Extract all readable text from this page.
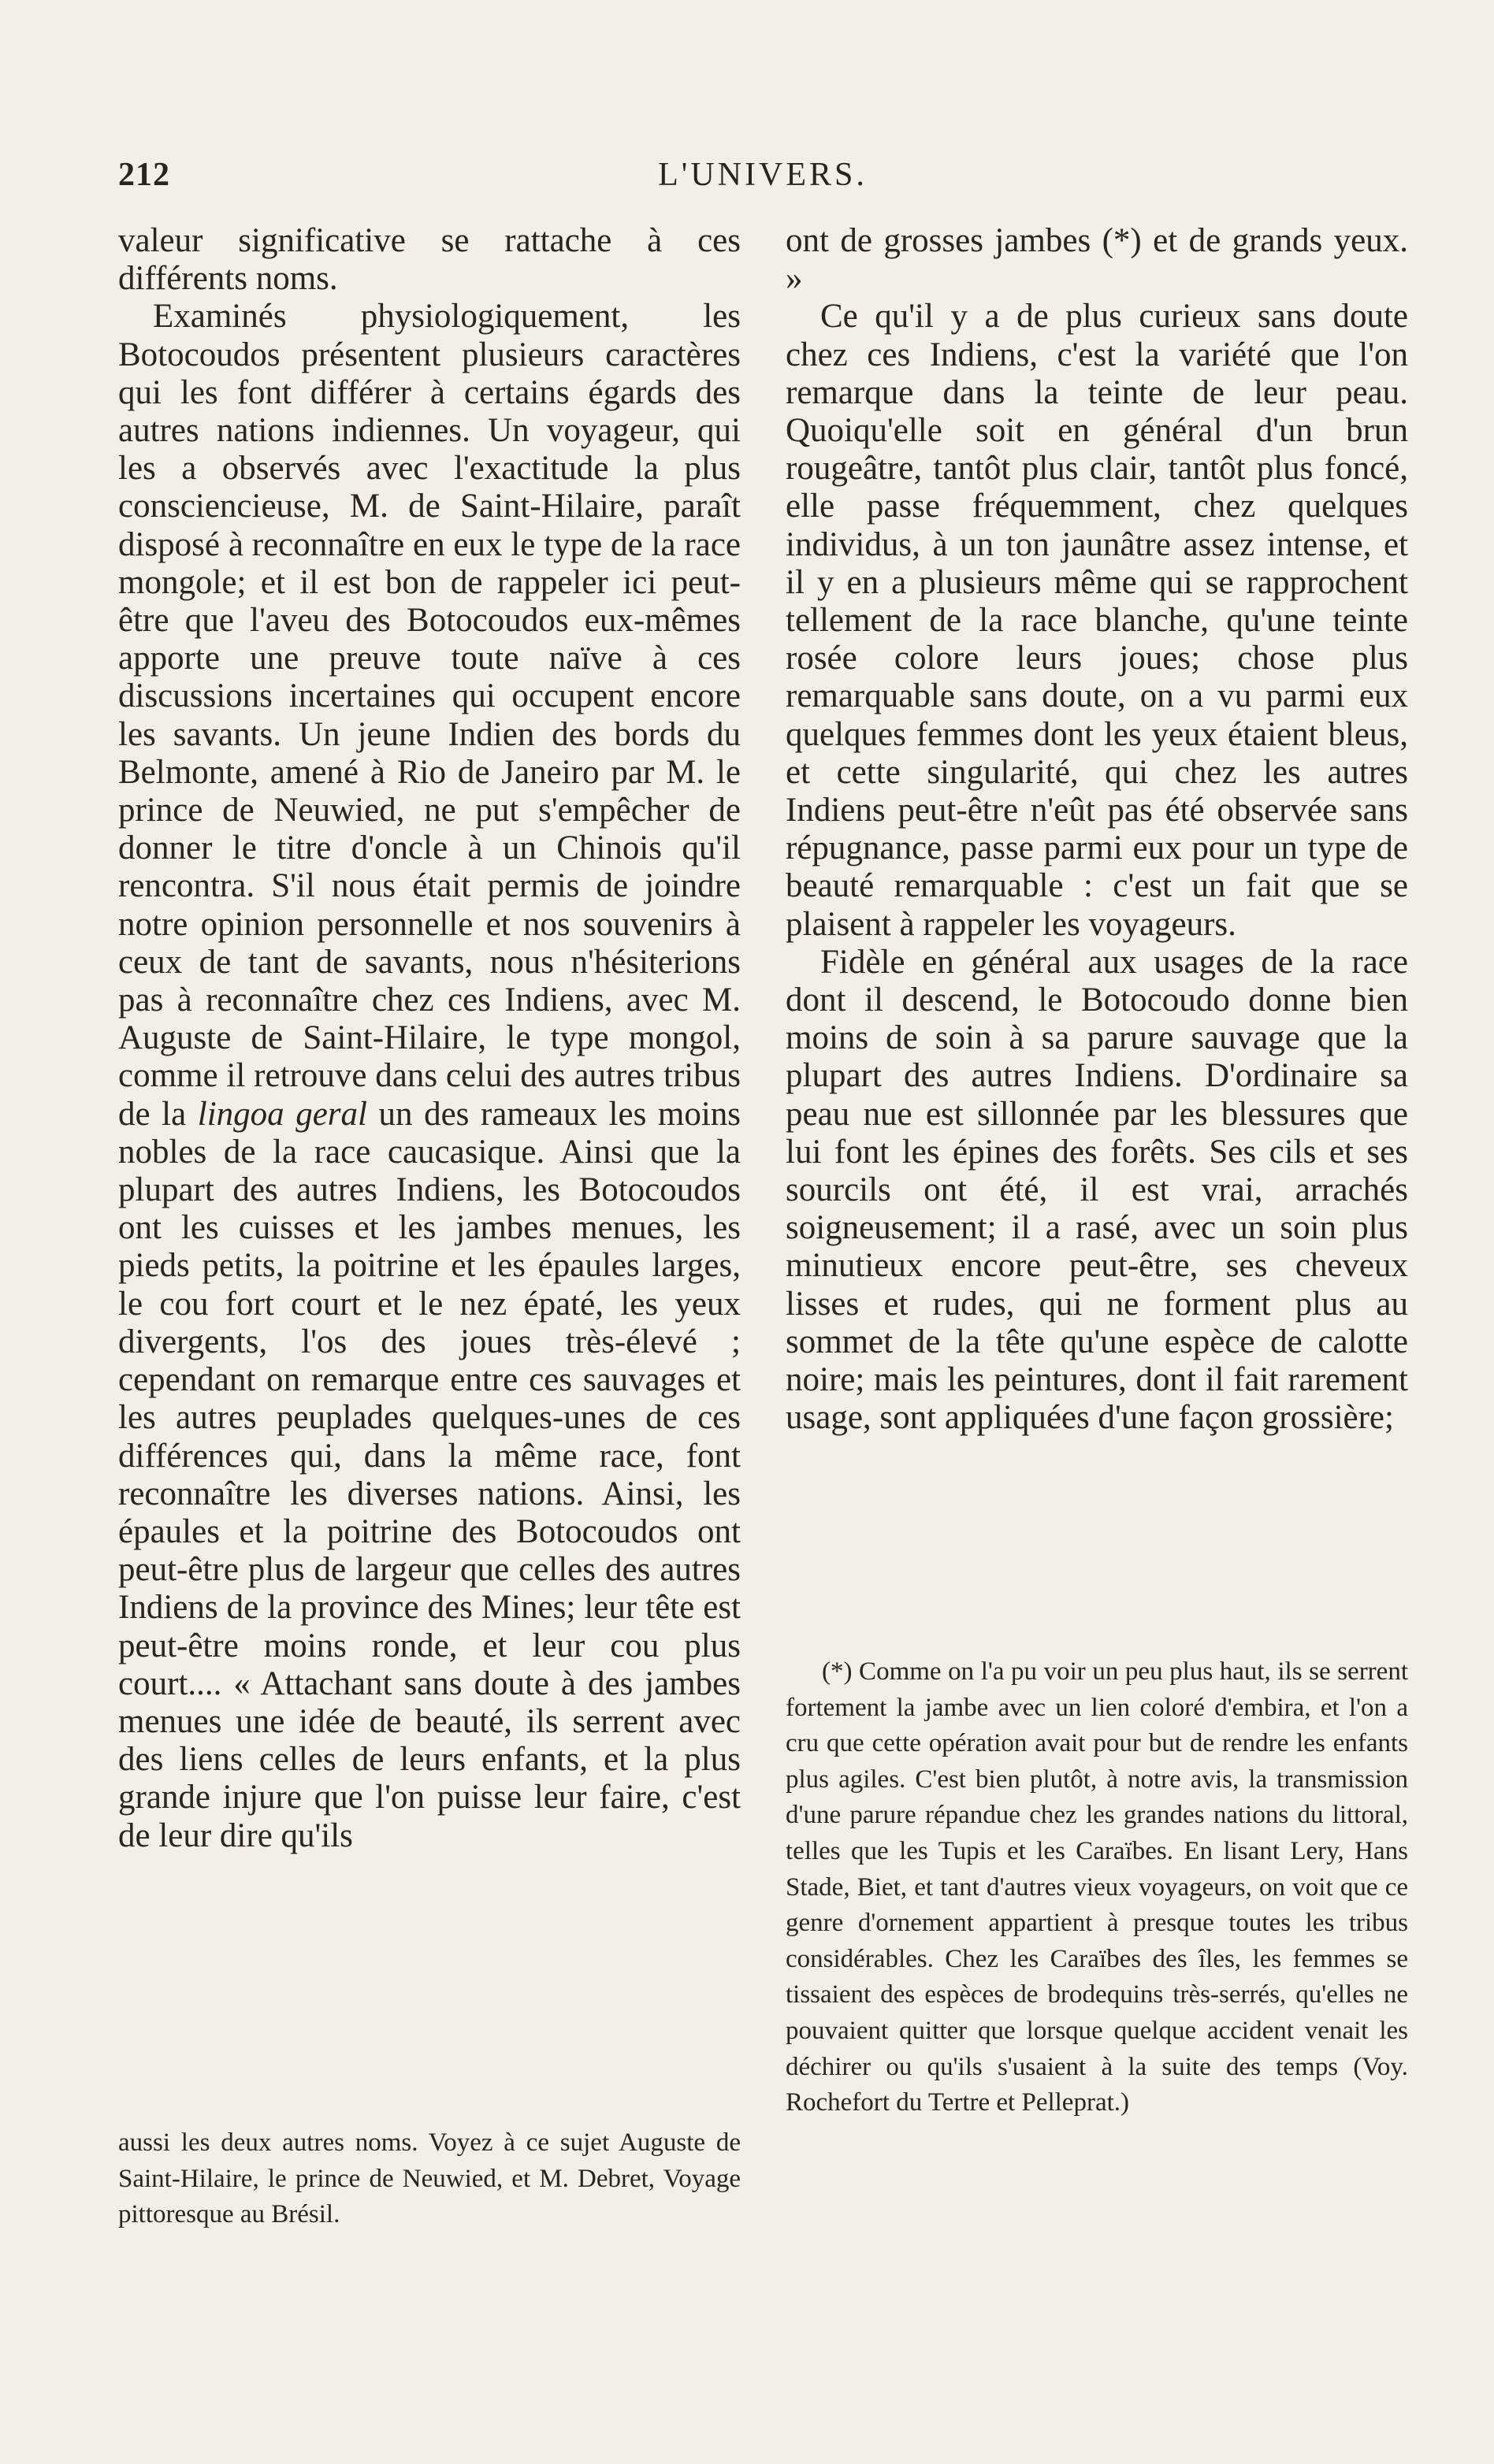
212	L'UNIVERS.

valeur significative se rattache à ces différents noms.

Examinés physiologiquement, les Botocoudos présentent plusieurs caractères qui les font différer à certains égards des autres nations indiennes. Un voyageur, qui les a observés avec l'exactitude la plus consciencieuse, M. de Saint-Hilaire, paraît disposé à reconnaître en eux le type de la race mongole; et il est bon de rappeler ici peut-être que l'aveu des Botocoudos eux-mêmes apporte une preuve toute naïve à ces discussions incertaines qui occupent encore les savants. Un jeune Indien des bords du Belmonte, amené à Rio de Janeiro par M. le prince de Neuwied, ne put s'empêcher de donner le titre d'oncle à un Chinois qu'il rencontra. S'il nous était permis de joindre notre opinion personnelle et nos souvenirs à ceux de tant de savants, nous n'hésiterions pas à reconnaître chez ces Indiens, avec M. Auguste de Saint-Hilaire, le type mongol, comme il retrouve dans celui des autres tribus de la lingoa geral un des rameaux les moins nobles de la race caucasique. Ainsi que la plupart des autres Indiens, les Botocoudos ont les cuisses et les jambes menues, les pieds petits, la poitrine et les épaules larges, le cou fort court et le nez épaté, les yeux divergents, l'os des joues très-élevé ; cependant on remarque entre ces sauvages et les autres peuplades quelques-unes de ces différences qui, dans la même race, font reconnaître les diverses nations. Ainsi, les épaules et la poitrine des Botocoudos ont peut-être plus de largeur que celles des autres Indiens de la province des Mines; leur tête est peut-être moins ronde, et leur cou plus court.... « Attachant sans doute à des jambes menues une idée de beauté, ils serrent avec des liens celles de leurs enfants, et la plus grande injure que l'on puisse leur faire, c'est de leur dire qu'ils

aussi les deux autres noms. Voyez à ce sujet Auguste de Saint-Hilaire, le prince de Neuwied, et M. Debret, Voyage pittoresque au Brésil.

ont de grosses jambes (*) et de grands yeux. »

Ce qu'il y a de plus curieux sans doute chez ces Indiens, c'est la variété que l'on remarque dans la teinte de leur peau. Quoiqu'elle soit en général d'un brun rougeâtre, tantôt plus clair, tantôt plus foncé, elle passe fréquemment, chez quelques individus, à un ton jaunâtre assez intense, et il y en a plusieurs même qui se rapprochent tellement de la race blanche, qu'une teinte rosée colore leurs joues; chose plus remarquable sans doute, on a vu parmi eux quelques femmes dont les yeux étaient bleus, et cette singularité, qui chez les autres Indiens peut-être n'eût pas été observée sans répugnance, passe parmi eux pour un type de beauté remarquable : c'est un fait que se plaisent à rappeler les voyageurs.

Fidèle en général aux usages de la race dont il descend, le Botocoudo donne bien moins de soin à sa parure sauvage que la plupart des autres Indiens. D'ordinaire sa peau nue est sillonnée par les blessures que lui font les épines des forêts. Ses cils et ses sourcils ont été, il est vrai, arrachés soigneusement; il a rasé, avec un soin plus minutieux encore peut-être, ses cheveux lisses et rudes, qui ne forment plus au sommet de la tête qu'une espèce de calotte noire; mais les peintures, dont il fait rarement usage, sont appliquées d'une façon grossière;

(*) Comme on l'a pu voir un peu plus haut, ils se serrent fortement la jambe avec un lien coloré d'embira, et l'on a cru que cette opération avait pour but de rendre les enfants plus agiles. C'est bien plutôt, à notre avis, la transmission d'une parure répandue chez les grandes nations du littoral, telles que les Tupis et les Caraïbes. En lisant Lery, Hans Stade, Biet, et tant d'autres vieux voyageurs, on voit que ce genre d'ornement appartient à presque toutes les tribus considérables. Chez les Caraïbes des îles, les femmes se tissaient des espèces de brodequins très-serrés, qu'elles ne pouvaient quitter que lorsque quelque accident venait les déchirer ou qu'ils s'usaient à la suite des temps (Voy. Rochefort du Tertre et Pelleprat.)
